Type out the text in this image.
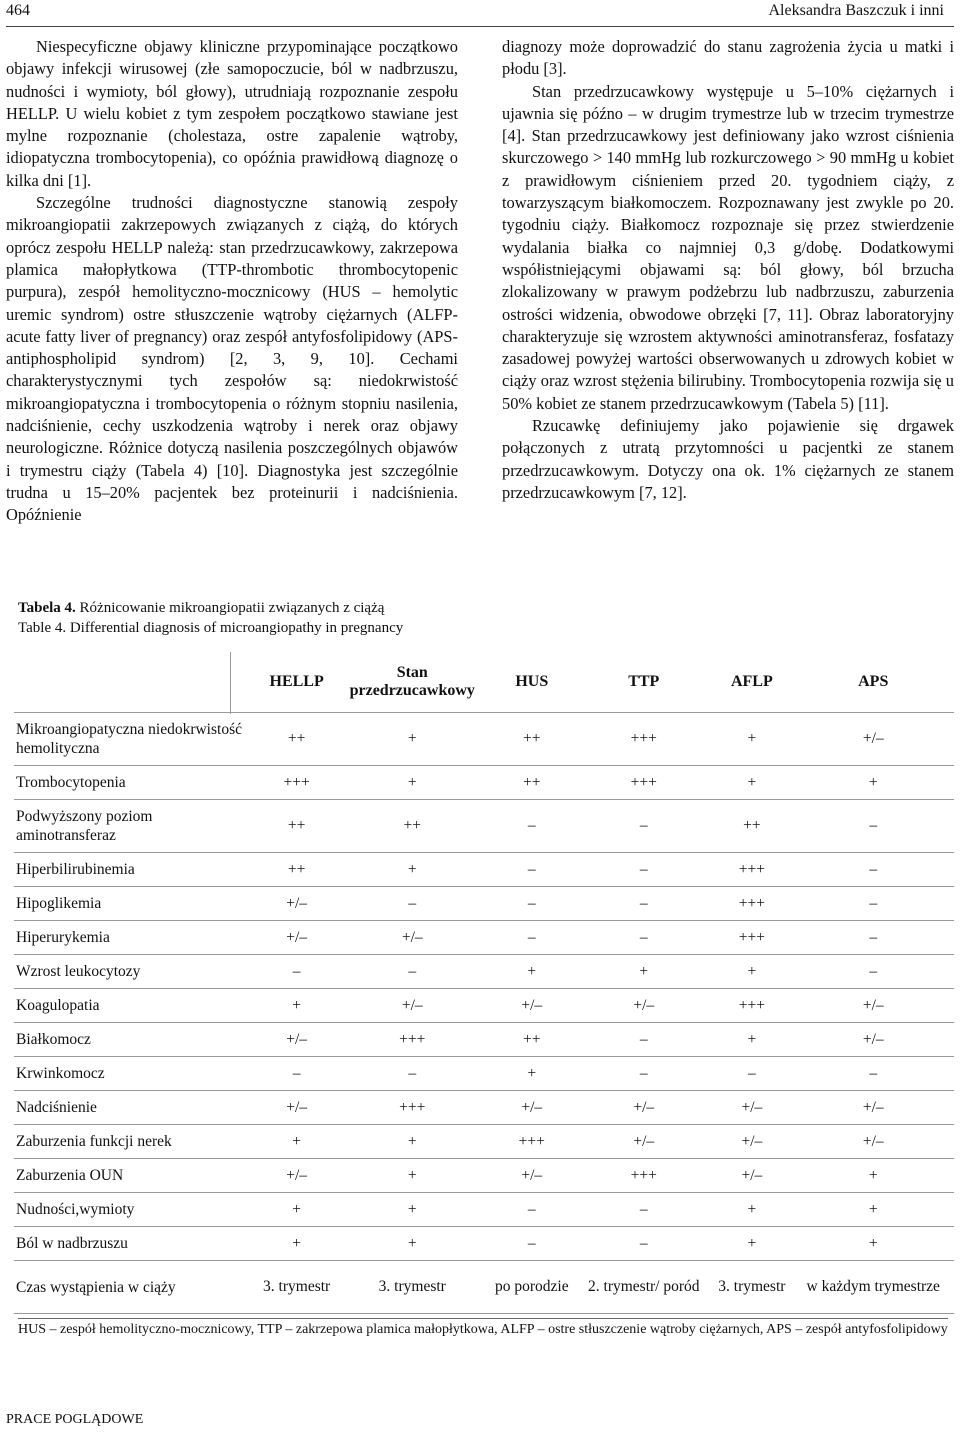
464	Aleksandra Baszczuk i inni

Niespecyficzne objawy kliniczne przypominające początkowo objawy infekcji wirusowej (złe samopoczucie, ból w nadbrzuszu, nudności i wymioty, ból głowy), utrudniają rozpoznanie zespołu HELLP. U wielu kobiet z tym zespołem początkowo stawiane jest mylne rozpoznanie (cholestaza, ostre zapalenie wątroby, idiopatyczna trombocytopenia), co opóźnia prawidłową diagnozę o kilka dni [1].

Szczególne trudności diagnostyczne stanowią zespoły mikroangiopatii zakrzepowych związanych z ciążą, do których oprócz zespołu HELLP należą: stan przedrzucawkowy, zakrzepowa plamica małopłytkowa (TTP-thrombotic thrombocytopenic purpura), zespół hemolityczno-mocznicowy (HUS – hemolytic uremic syndrom) ostre stłuszczenie wątroby ciężarnych (ALFP- acute fatty liver of pregnancy) oraz zespół antyfosfolipidowy (APS-antiphospholipid syndrom) [2, 3, 9, 10]. Cechami charakterystycznymi tych zespołów są: niedokrwistość mikroangiopatyczna i trombocytopenia o różnym stopniu nasilenia, nadciśnienie, cechy uszkodzenia wątroby i nerek oraz objawy neurologiczne. Różnice dotyczą nasilenia poszczególnych objawów i trymestru ciąży (Tabela 4) [10]. Diagnostyka jest szczególnie trudna u 15–20% pacjentek bez proteinurii i nadciśnienia. Opóźnienie

diagnozy może doprowadzić do stanu zagrożenia życia u matki i płodu [3].

Stan przedrzucawkowy występuje u 5–10% ciężarnych i ujawnia się późno – w drugim trymestrze lub w trzecim trymestrze [4]. Stan przedrzucawkowy jest definiowany jako wzrost ciśnienia skurczowego > 140 mmHg lub rozkurczowego > 90 mmHg u kobiet z prawidłowym ciśnieniem przed 20. tygodniem ciąży, z towarzyszącym białkomoczem. Rozpoznawany jest zwykle po 20. tygodniu ciąży. Białkomocz rozpoznaje się przez stwierdzenie wydalania białka co najmniej 0,3 g/dobę. Dodatkowymi współistniejącymi objawami są: ból głowy, ból brzucha zlokalizowany w prawym podżebrzu lub nadbrzuszu, zaburzenia ostrości widzenia, obwodowe obrzęki [7, 11]. Obraz laboratoryjny charakteryzuje się wzrostem aktywności aminotransferaz, fosfatazy zasadowej powyżej wartości obserwowanych u zdrowych kobiet w ciąży oraz wzrost stężenia bilirubiny. Trombocytopenia rozwija się u 50% kobiet ze stanem przedrzucawkowym (Tabela 5) [11].

Rzucawkę definiujemy jako pojawienie się drgawek połączonych z utratą przytomności u pacjentki ze stanem przedrzucawkowym. Dotyczy ona ok. 1% ciężarnych ze stanem przedrzucawkowym [7, 12].

Tabela 4. Różnicowanie mikroangiopatii związanych z ciążą
Table 4. Differential diagnosis of microangiopathy in pregnancy
	HELLP	Stan przedrzucawkowy	HUS	TTP	AFLP	APS
Mikroangiopatyczna niedokrwistość hemolityczna	++	+	++	+++	+	+/–
Trombocytopenia	+++	+	++	+++	+	+
Podwyższony poziom aminotransferaz	++	++	–	–	++	–
Hiperbilirubinemia	++	+	–	–	+++	–
Hipoglikemia	+/–	–	–	–	+++	–
Hiperurykemia	+/–	+/–	–	–	+++	–
Wzrost leukocytozy	–	–	+	+	+	–
Koagulopatia	+	+/–	+/–	+/–	+++	+/–
Białkomocz	+/–	+++	++	–	+	+/–
Krwinkomocz	–	–	+	–	–	–
Nadciśnienie	+/–	+++	+/–	+/–	+/–	+/–
Zaburzenia funkcji nerek	+	+	+++	+/–	+/–	+/–
Zaburzenia OUN	+/–	+	+/–	+++	+/–	+
Nudności,wymioty	+	+	–	–	+	+
Ból w nadbrzuszu	+	+	–	–	+	+
Czas wystąpienia w ciąży	3. trymestr	3. trymestr	po porodzie	2. trymestr/ poród	3. trymestr	w każdym trymestrze
HUS – zespół hemolityczno-mocznicowy, TTP – zakrzepowa plamica małopłytkowa, ALFP – ostre stłuszczenie wątroby ciężarnych, APS – zespół antyfosfolipidowy
PRACE POGLĄDOWE
